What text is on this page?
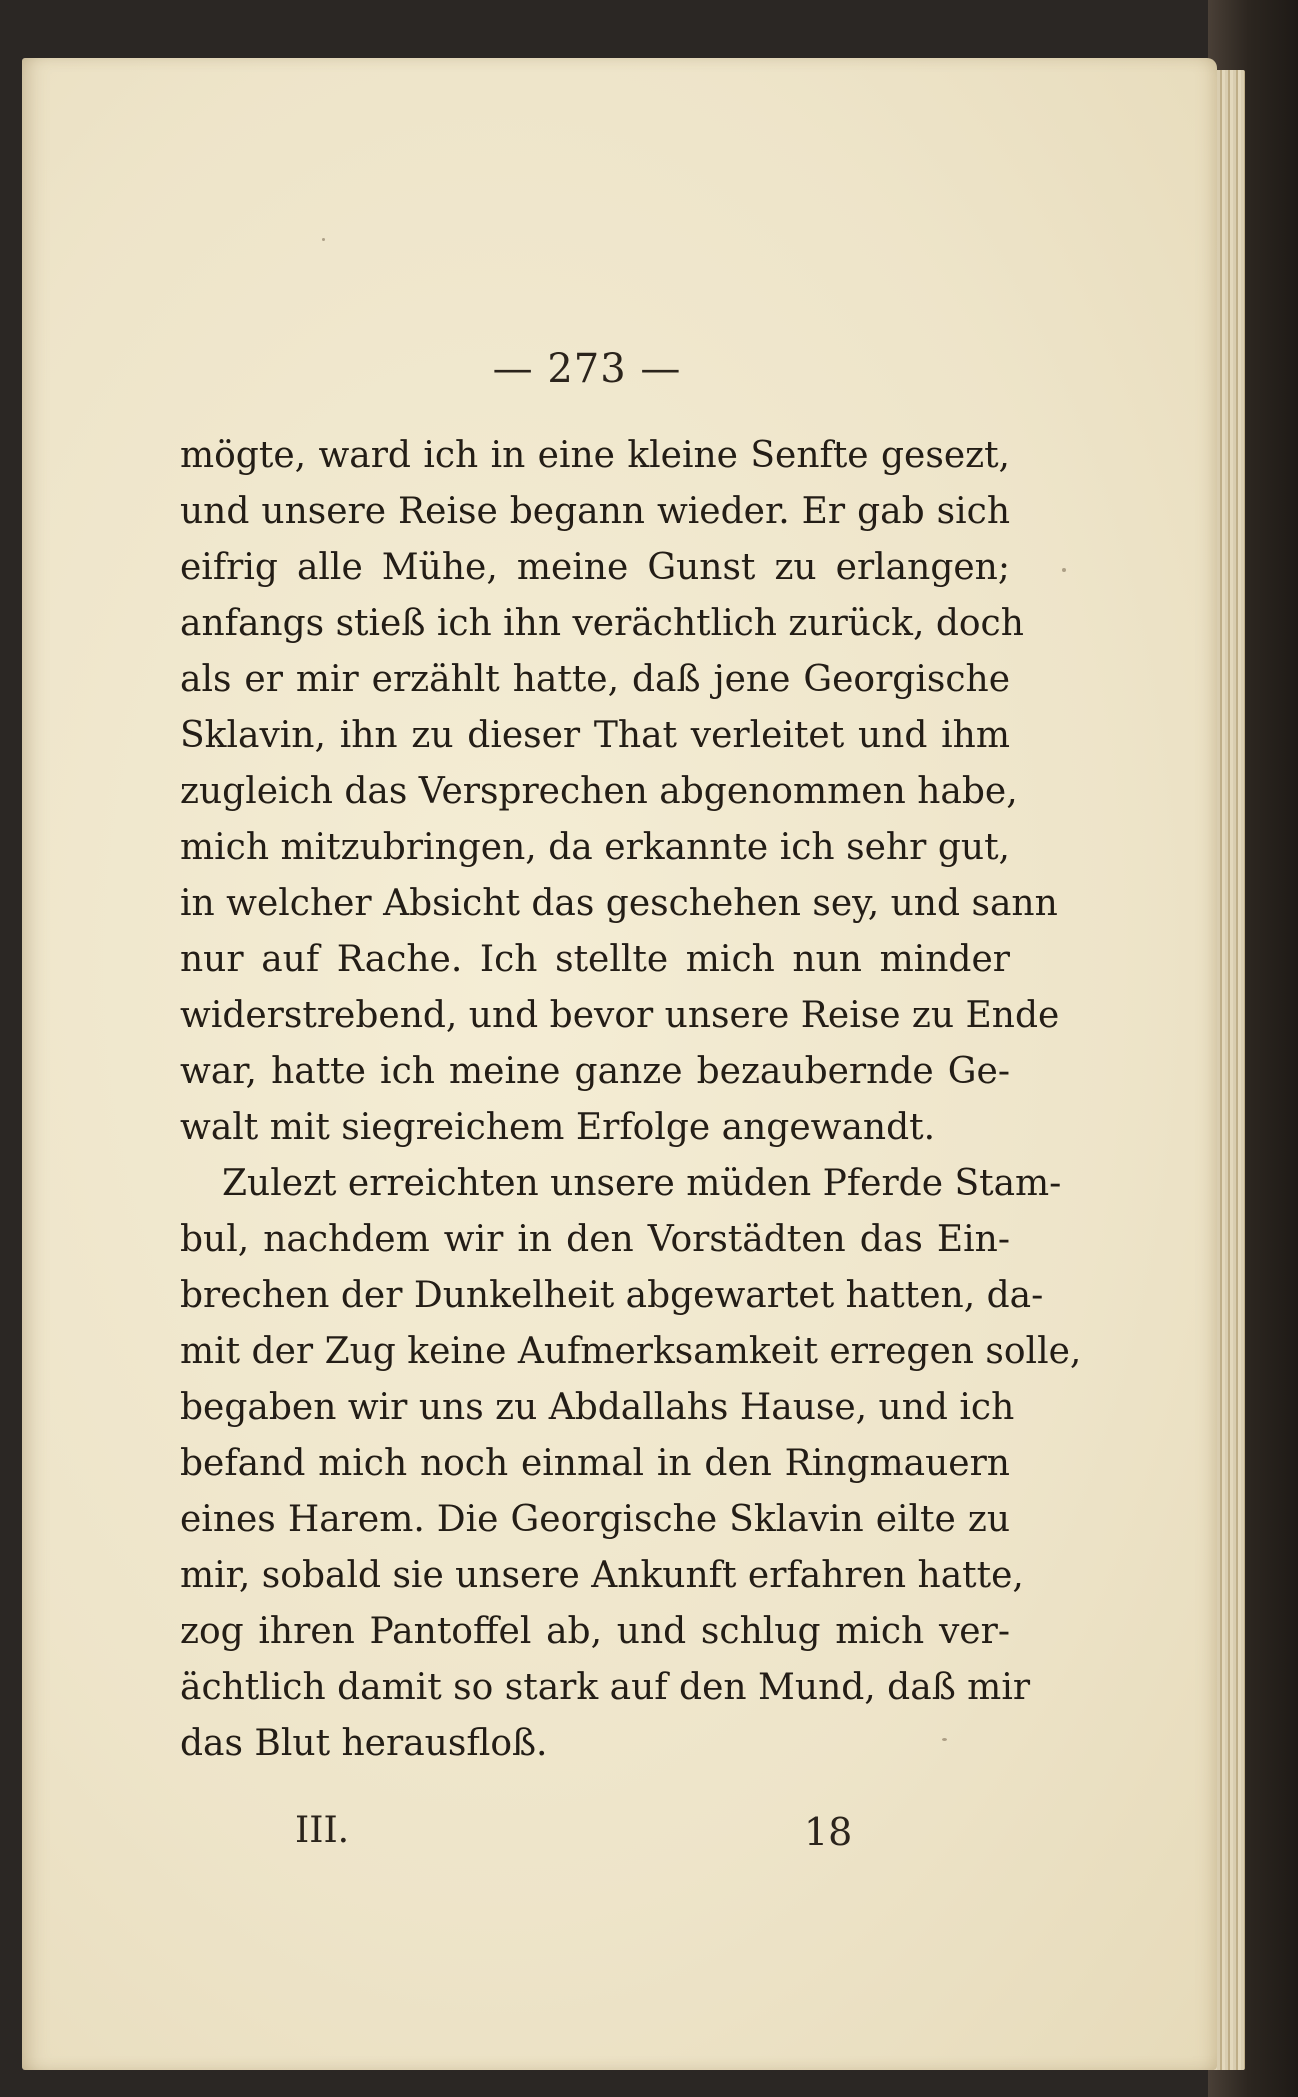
— 273 —
mögte, ward ich in eine kleine Senfte gesezt,
und unsere Reise begann wieder. Er gab sich
eifrig alle Mühe, meine Gunst zu erlangen;
anfangs stieß ich ihn verächtlich zurück, doch
als er mir erzählt hatte, daß jene Georgische
Sklavin, ihn zu dieser That verleitet und ihm
zugleich das Versprechen abgenommen habe,
mich mitzubringen, da erkannte ich sehr gut,
in welcher Absicht das geschehen sey, und sann
nur auf Rache. Ich stellte mich nun minder
widerstrebend, und bevor unsere Reise zu Ende
war, hatte ich meine ganze bezaubernde Ge-
walt mit siegreichem Erfolge angewandt.
Zulezt erreichten unsere müden Pferde Stam-
bul, nachdem wir in den Vorstädten das Ein-
brechen der Dunkelheit abgewartet hatten, da-
mit der Zug keine Aufmerksamkeit erregen solle,
begaben wir uns zu Abdallahs Hause, und ich
befand mich noch einmal in den Ringmauern
eines Harem. Die Georgische Sklavin eilte zu
mir, sobald sie unsere Ankunft erfahren hatte,
zog ihren Pantoffel ab, und schlug mich ver-
ächtlich damit so stark auf den Mund, daß mir
das Blut herausfloß.
III.	18
